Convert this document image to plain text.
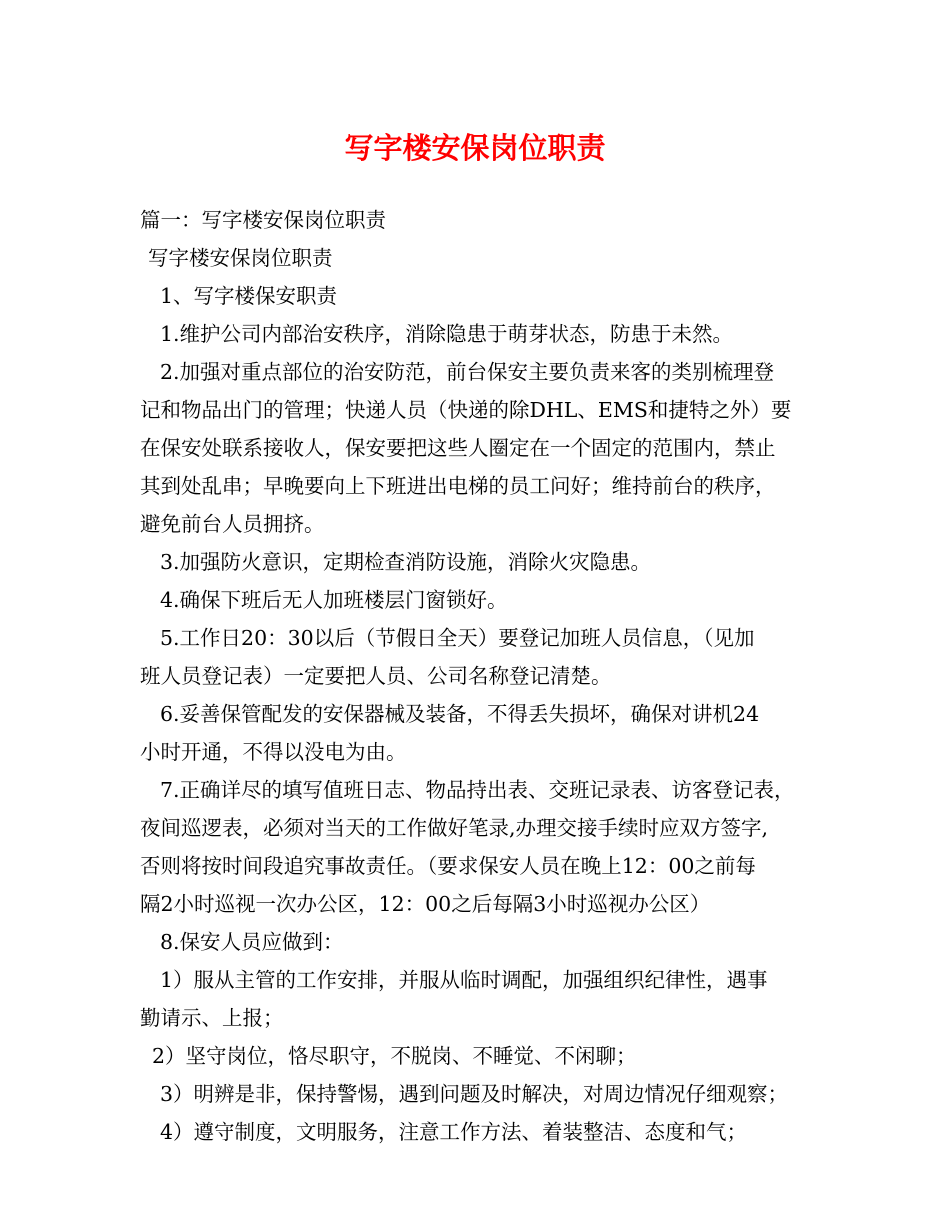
写字楼安保岗位职责
篇一：写字楼安保岗位职责
写字楼安保岗位职责
1、写字楼保安职责
1.维护公司内部治安秩序，消除隐患于萌芽状态，防患于未然。
2.加强对重点部位的治安防范，前台保安主要负责来客的类别梳理登
记和物品出门的管理；快递人员（快递的除DHL、EMS和捷特之外）要
在保安处联系接收人，保安要把这些人圈定在一个固定的范围内，禁止
其到处乱串；早晚要向上下班进出电梯的员工问好；维持前台的秩序，
避免前台人员拥挤。
3.加强防火意识，定期检查消防设施，消除火灾隐患。
4.确保下班后无人加班楼层门窗锁好。
5.工作日20：30以后（节假日全天）要登记加班人员信息，（见加
班人员登记表）一定要把人员、公司名称登记清楚。
6.妥善保管配发的安保器械及装备，不得丢失损坏，确保对讲机24
小时开通，不得以没电为由。
7.正确详尽的填写值班日志、物品持出表、交班记录表、访客登记表，
夜间巡逻表，必须对当天的工作做好笔录,办理交接手续时应双方签字,
否则将按时间段追究事故责任。（要求保安人员在晚上12：00之前每
隔2小时巡视一次办公区，12：00之后每隔3小时巡视办公区）
8.保安人员应做到：
1）服从主管的工作安排，并服从临时调配，加强组织纪律性，遇事
勤请示、上报；
2）坚守岗位，恪尽职守，不脱岗、不睡觉、不闲聊；
3）明辨是非，保持警惕，遇到问题及时解决，对周边情况仔细观察；
4）遵守制度，文明服务，注意工作方法、着装整洁、态度和气；
